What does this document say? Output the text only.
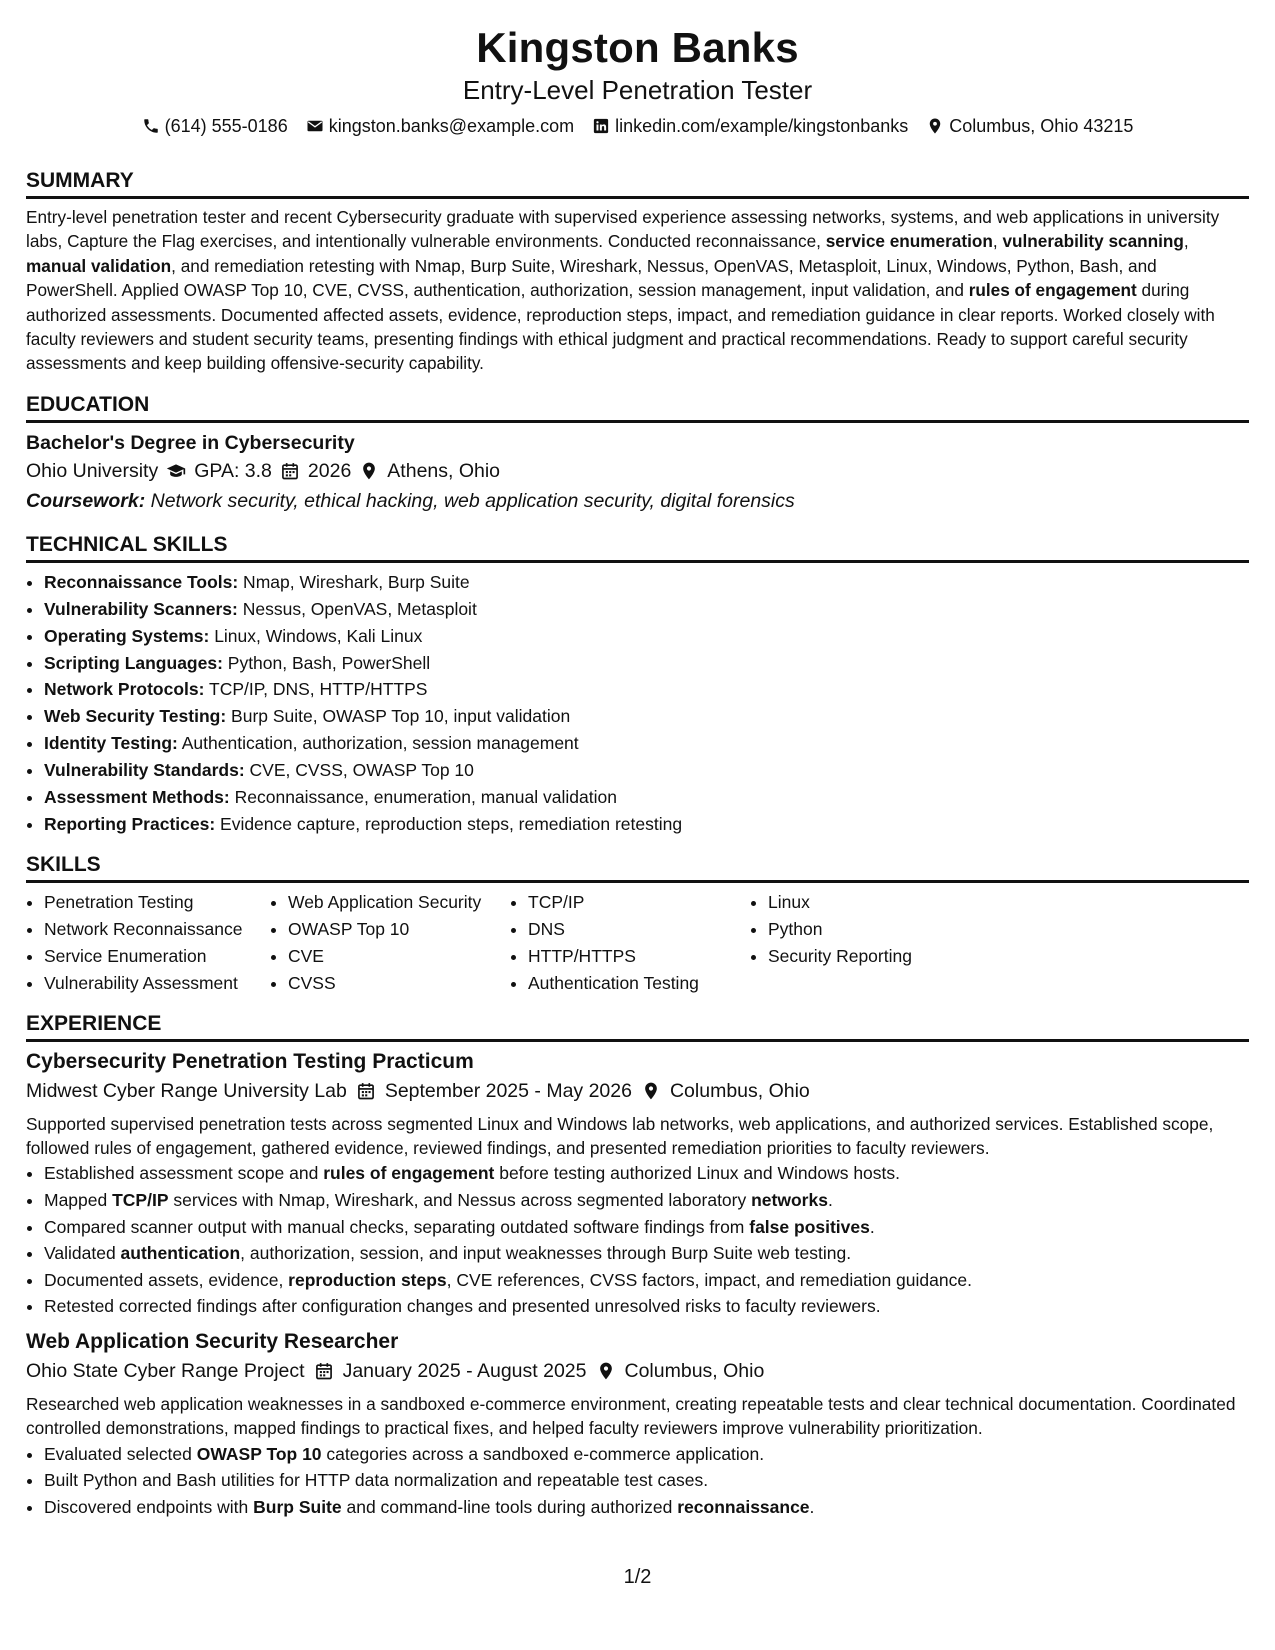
Kingston Banks
Entry-Level Penetration Tester
(614) 555-0186 kingston.banks@example.com linkedin.com/example/kingstonbanks Columbus, Ohio 43215
SUMMARY

Entry-level penetration tester and recent Cybersecurity graduate with supervised experience assessing networks, systems, and web applications in university labs, Capture the Flag exercises, and intentionally vulnerable environments. Conducted reconnaissance, service enumeration, vulnerability scanning, manual validation, and remediation retesting with Nmap, Burp Suite, Wireshark, Nessus, OpenVAS, Metasploit, Linux, Windows, Python, Bash, and PowerShell. Applied OWASP Top 10, CVE, CVSS, authentication, authorization, session management, input validation, and rules of engagement during authorized assessments. Documented affected assets, evidence, reproduction steps, impact, and remediation guidance in clear reports. Worked closely with faculty reviewers and student security teams, presenting findings with ethical judgment and practical recommendations. Ready to support careful security assessments and keep building offensive-security capability.

EDUCATION
Bachelor's Degree in Cybersecurity
Ohio University GPA: 3.8 2026 Athens, Ohio
Coursework: Network security, ethical hacking, web application security, digital forensics
TECHNICAL SKILLS
• Reconnaissance Tools: Nmap, Wireshark, Burp Suite
• Vulnerability Scanners: Nessus, OpenVAS, Metasploit
• Operating Systems: Linux, Windows, Kali Linux
• Scripting Languages: Python, Bash, PowerShell
• Network Protocols: TCP/IP, DNS, HTTP/HTTPS
• Web Security Testing: Burp Suite, OWASP Top 10, input validation
• Identity Testing: Authentication, authorization, session management
• Vulnerability Standards: CVE, CVSS, OWASP Top 10
• Assessment Methods: Reconnaissance, enumeration, manual validation
• Reporting Practices: Evidence capture, reproduction steps, remediation retesting
SKILLS
• Penetration Testing
• Network Reconnaissance
• Service Enumeration
• Vulnerability Assessment
• Web Application Security
• OWASP Top 10
• CVE
• CVSS
• TCP/IP
• DNS
• HTTP/HTTPS
• Authentication Testing
• Linux
• Python
• Security Reporting
EXPERIENCE
Cybersecurity Penetration Testing Practicum
Midwest Cyber Range University Lab September 2025 - May 2026 Columbus, Ohio

Supported supervised penetration tests across segmented Linux and Windows lab networks, web applications, and authorized services. Established scope, followed rules of engagement, gathered evidence, reviewed findings, and presented remediation priorities to faculty reviewers.

• Established assessment scope and rules of engagement before testing authorized Linux and Windows hosts.
• Mapped TCP/IP services with Nmap, Wireshark, and Nessus across segmented laboratory networks.
• Compared scanner output with manual checks, separating outdated software findings from false positives.
• Validated authentication, authorization, session, and input weaknesses through Burp Suite web testing.
• Documented assets, evidence, reproduction steps, CVE references, CVSS factors, impact, and remediation guidance.
• Retested corrected findings after configuration changes and presented unresolved risks to faculty reviewers.
Web Application Security Researcher
Ohio State Cyber Range Project January 2025 - August 2025 Columbus, Ohio

Researched web application weaknesses in a sandboxed e-commerce environment, creating repeatable tests and clear technical documentation. Coordinated controlled demonstrations, mapped findings to practical fixes, and helped faculty reviewers improve vulnerability prioritization.

• Evaluated selected OWASP Top 10 categories across a sandboxed e-commerce application.
• Built Python and Bash utilities for HTTP data normalization and repeatable test cases.
• Discovered endpoints with Burp Suite and command-line tools during authorized reconnaissance.
1/2
